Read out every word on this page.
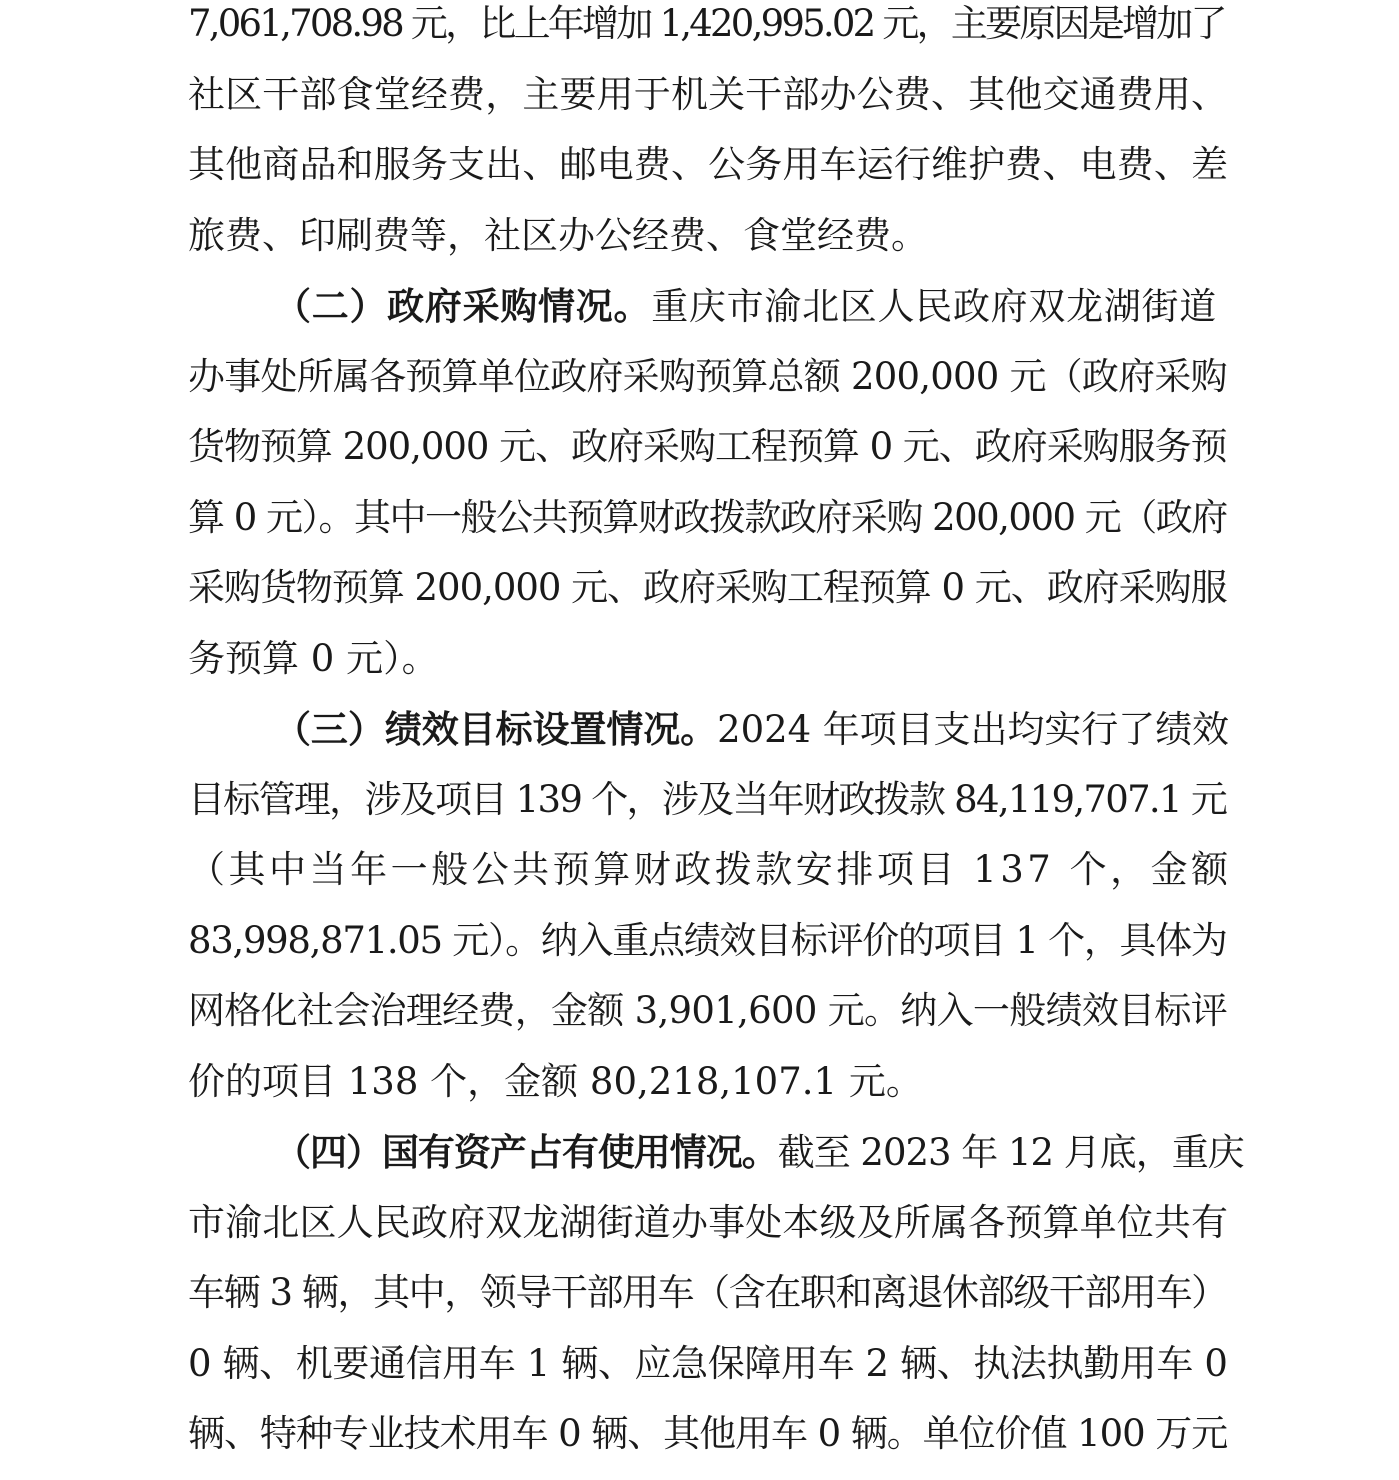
7,061,708.98 元，比上年增加 1,420,995.02 元，主要原因是增加了
社区干部食堂经费，主要用于机关干部办公费、其他交通费用、
其他商品和服务支出、邮电费、公务用车运行维护费、电费、差
旅费、印刷费等，社区办公经费、食堂经费。
（二）政府采购情况。重庆市渝北区人民政府双龙湖街道
办事处所属各预算单位政府采购预算总额 200,000 元（政府采购
货物预算 200,000 元、政府采购工程预算 0 元、政府采购服务预
算 0 元）。其中一般公共预算财政拨款政府采购 200,000 元（政府
采购货物预算 200,000 元、政府采购工程预算 0 元、政府采购服
务预算 0 元）。
（三）绩效目标设置情况。2024 年项目支出均实行了绩效
目标管理，涉及项目 139 个，涉及当年财政拨款 84,119,707.1 元
（其中当年一般公共预算财政拨款安排项目 137 个，金额
83,998,871.05 元）。纳入重点绩效目标评价的项目 1 个，具体为
网格化社会治理经费，金额 3,901,600 元。纳入一般绩效目标评
价的项目 138 个，金额 80,218,107.1 元。
（四）国有资产占有使用情况。截至 2023 年 12 月底，重庆
市渝北区人民政府双龙湖街道办事处本级及所属各预算单位共有
车辆 3 辆，其中，领导干部用车（含在职和离退休部级干部用车）
0 辆、机要通信用车 1 辆、应急保障用车 2 辆、执法执勤用车 0
辆、特种专业技术用车 0 辆、其他用车 0 辆。单位价值 100 万元
